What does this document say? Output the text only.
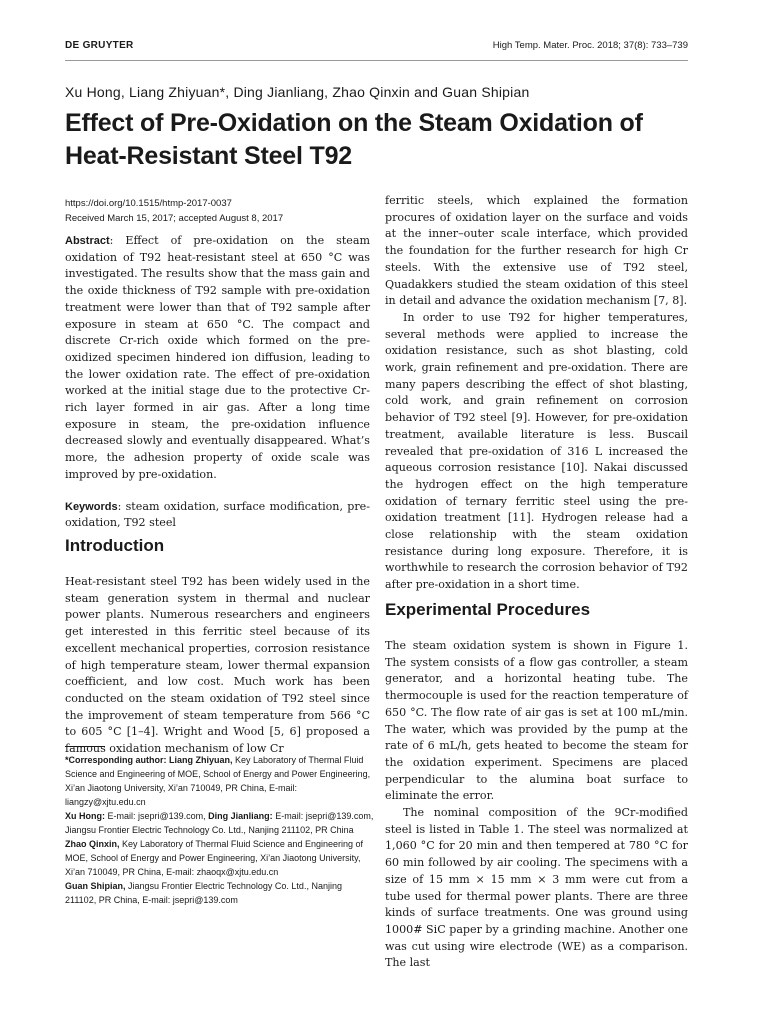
DE GRUYTER	High Temp. Mater. Proc. 2018; 37(8): 733–739
Xu Hong, Liang Zhiyuan*, Ding Jianliang, Zhao Qinxin and Guan Shipian
Effect of Pre-Oxidation on the Steam Oxidation of Heat-Resistant Steel T92
https://doi.org/10.1515/htmp-2017-0037
Received March 15, 2017; accepted August 8, 2017

Abstract: Effect of pre-oxidation on the steam oxidation of T92 heat-resistant steel at 650 °C was investigated. The results show that the mass gain and the oxide thickness of T92 sample with pre-oxidation treatment were lower than that of T92 sample after exposure in steam at 650 °C. The compact and discrete Cr-rich oxide which formed on the pre-oxidized specimen hindered ion diffusion, leading to the lower oxidation rate. The effect of pre-oxidation worked at the initial stage due to the protective Cr-rich layer formed in air gas. After a long time exposure in steam, the pre-oxidation influence decreased slowly and eventually disappeared. What’s more, the adhesion property of oxide scale was improved by pre-oxidation.

Keywords: steam oxidation, surface modification, pre-oxidation, T92 steel

Introduction

Heat-resistant steel T92 has been widely used in the steam generation system in thermal and nuclear power plants. Numerous researchers and engineers get interested in this ferritic steel because of its excellent mechanical properties, corrosion resistance of high temperature steam, lower thermal expansion coefficient, and low cost. Much work has been conducted on the steam oxidation of T92 steel since the improvement of steam temperature from 566 °C to 605 °C [1–4]. Wright and Wood [5, 6] proposed a famous oxidation mechanism of low Cr

*Corresponding author: Liang Zhiyuan, Key Laboratory of Thermal Fluid Science and Engineering of MOE, School of Energy and Power Engineering, Xi’an Jiaotong University, Xi’an 710049, PR China, E-mail: liangzy@xjtu.edu.cn
Xu Hong: E-mail: jsepri@139.com, Ding Jianliang: E-mail: jsepri@139.com, Jiangsu Frontier Electric Technology Co. Ltd., Nanjing 211102, PR China
Zhao Qinxin, Key Laboratory of Thermal Fluid Science and Engineering of MOE, School of Energy and Power Engineering, Xi’an Jiaotong University, Xi’an 710049, PR China, E-mail: zhaoqx@xjtu.edu.cn
Guan Shipian, Jiangsu Frontier Electric Technology Co. Ltd., Nanjing 211102, PR China, E-mail: jsepri@139.com

ferritic steels, which explained the formation procures of oxidation layer on the surface and voids at the inner–outer scale interface, which provided the foundation for the further research for high Cr steels. With the extensive use of T92 steel, Quadakkers studied the steam oxidation of this steel in detail and advance the oxidation mechanism [7, 8].

In order to use T92 for higher temperatures, several methods were applied to increase the oxidation resistance, such as shot blasting, cold work, grain refinement and pre-oxidation. There are many papers describing the effect of shot blasting, cold work, and grain refinement on corrosion behavior of T92 steel [9]. However, for pre-oxidation treatment, available literature is less. Buscail revealed that pre-oxidation of 316 L increased the aqueous corrosion resistance [10]. Nakai discussed the hydrogen effect on the high temperature oxidation of ternary ferritic steel using the pre-oxidation treatment [11]. Hydrogen release had a close relationship with the steam oxidation resistance during long exposure. Therefore, it is worthwhile to research the corrosion behavior of T92 after pre-oxidation in a short time.

Experimental Procedures

The steam oxidation system is shown in Figure 1. The system consists of a flow gas controller, a steam generator, and a horizontal heating tube. The thermocouple is used for the reaction temperature of 650 °C. The flow rate of air gas is set at 100 mL/min. The water, which was provided by the pump at the rate of 6 mL/h, gets heated to become the steam for the oxidation experiment. Specimens are placed perpendicular to the alumina boat surface to eliminate the error.

The nominal composition of the 9Cr-modified steel is listed in Table 1. The steel was normalized at 1,060 °C for 20 min and then tempered at 780 °C for 60 min followed by air cooling. The specimens with a size of 15 mm × 15 mm × 3 mm were cut from a tube used for thermal power plants. There are three kinds of surface treatments. One was ground using 1000# SiC paper by a grinding machine. Another one was cut using wire electrode (WE) as a comparison. The last
